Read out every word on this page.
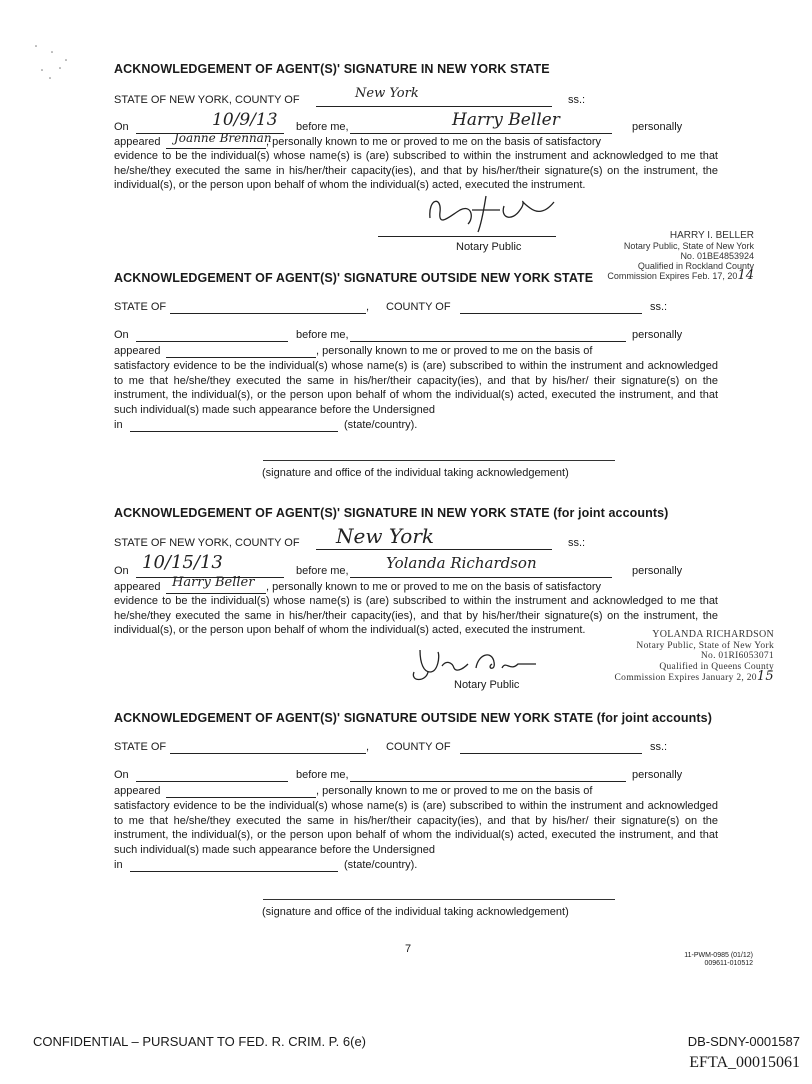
ACKNOWLEDGEMENT OF AGENT(S)' SIGNATURE IN NEW YORK STATE
STATE OF NEW YORK, COUNTY OF	New York	ss.:
On	10/9/13 before me,	Harry Beller	personally
appeared Joanne Brennan
, personally known to me or proved to me on the basis of satisfactory
evidence to be the individual(s) whose name(s) is (are) subscribed to within the instrument and acknowledged to me that he/she/they executed the same in his/her/their capacity(ies), and that by his/her/their signature(s) on the instrument, the individual(s), or the person upon behalf of whom the individual(s) acted, executed the instrument.
Notary Public
HARRY I. BELLER
Notary Public, State of New York
No. 01BE4853924
Qualified in Rockland County
Commission Expires Feb. 17, 2014
ACKNOWLEDGEMENT OF AGENT(S)' SIGNATURE OUTSIDE NEW YORK STATE
STATE OF	, COUNTY OF	ss.:
On	before me,	personally
appeared	, personally known to me or proved to me on the basis of
satisfactory evidence to be the individual(s) whose name(s) is (are) subscribed to within the instrument and acknowledged to me that he/she/they executed the same in his/her/their capacity(ies), and that by his/her/ their signature(s) on the instrument, the individual(s), or the person upon behalf of whom the individual(s) acted, executed the instrument, and that such individual(s) made such appearance before the Undersigned
in	(state/country).
(signature and office of the individual taking acknowledgement)
ACKNOWLEDGEMENT OF AGENT(S)' SIGNATURE IN NEW YORK STATE (for joint accounts)
STATE OF NEW YORK, COUNTY OF New York	ss.:
On 10/15/13	before me, Yolanda Richardson	personally
appeared Harry Beller , personally known to me or proved to me on the basis of satisfactory
evidence to be the individual(s) whose name(s) is (are) subscribed to within the instrument and acknowledged to me that he/she/they executed the same in his/her/their capacity(ies), and that by his/her/their signature(s) on the instrument, the individual(s), or the person upon behalf of whom the individual(s) acted, executed the instrument.
Notary Public
YOLANDA RICHARDSON
Notary Public, State of New York
No. 01RI6053071
Qualified in Queens County
Commission Expires January 2, 2015
ACKNOWLEDGEMENT OF AGENT(S)' SIGNATURE OUTSIDE NEW YORK STATE (for joint accounts)
STATE OF	, COUNTY OF	ss.:
On	before me,	personally
appeared	, personally known to me or proved to me on the basis of
satisfactory evidence to be the individual(s) whose name(s) is (are) subscribed to within the instrument and acknowledged to me that he/she/they executed the same in his/her/their capacity(ies), and that by his/her/ their signature(s) on the instrument, the individual(s), or the person upon behalf of whom the individual(s) acted, executed the instrument, and that such individual(s) made such appearance before the Undersigned
in	(state/country).
(signature and office of the individual taking acknowledgement)
7
11-PWM-0985 (01/12)
009611-010512
CONFIDENTIAL – PURSUANT TO FED. R. CRIM. P. 6(e)	DB-SDNY-0001587
EFTA_00015061
